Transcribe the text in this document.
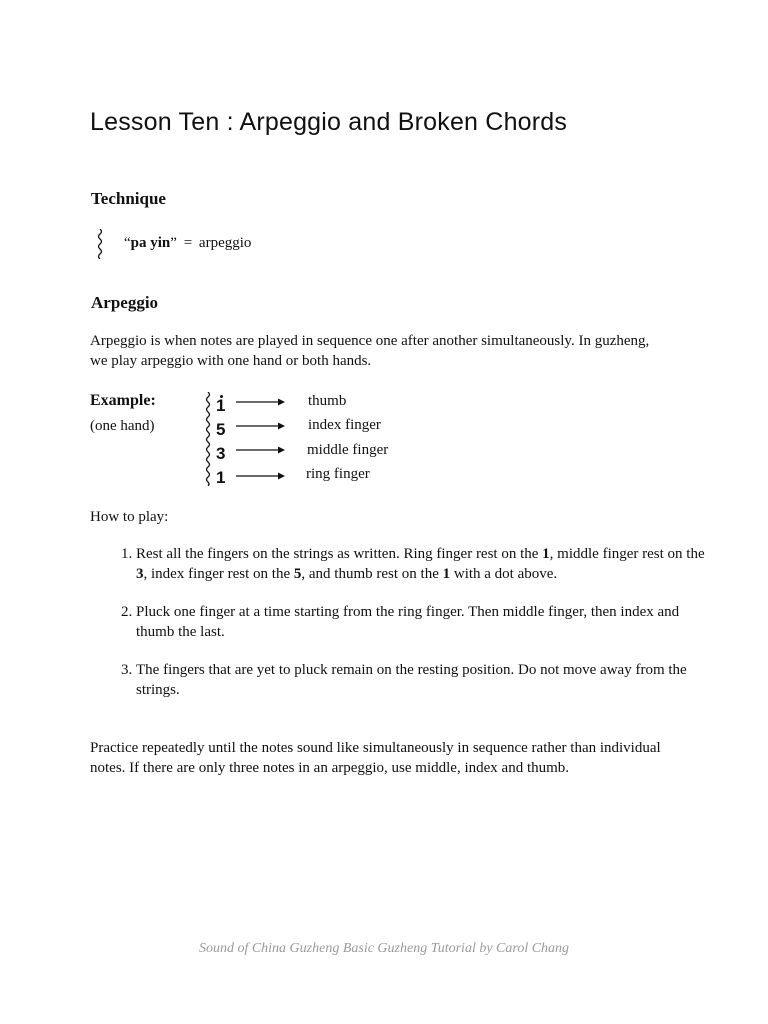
Lesson Ten : Arpeggio and Broken Chords
Technique
“pa yin” = arpeggio
Arpeggio

Arpeggio is when notes are played in sequence one after another simultaneously. In guzheng, we play arpeggio with one hand or both hands.

Example:
(one hand)
1	thumb
5	index finger
3	middle finger
1	ring finger
How to play:
1. Rest all the fingers on the strings as written. Ring finger rest on the 1, middle finger rest on the 3, index finger rest on the 5, and thumb rest on the 1 with a dot above.
2. Pluck one finger at a time starting from the ring finger. Then middle finger, then index and thumb the last.
3. The fingers that are yet to pluck remain on the resting position. Do not move away from the strings.

Practice repeatedly until the notes sound like simultaneously in sequence rather than individual notes. If there are only three notes in an arpeggio, use middle, index and thumb.

Sound of China Guzheng Basic Guzheng Tutorial by Carol Chang
